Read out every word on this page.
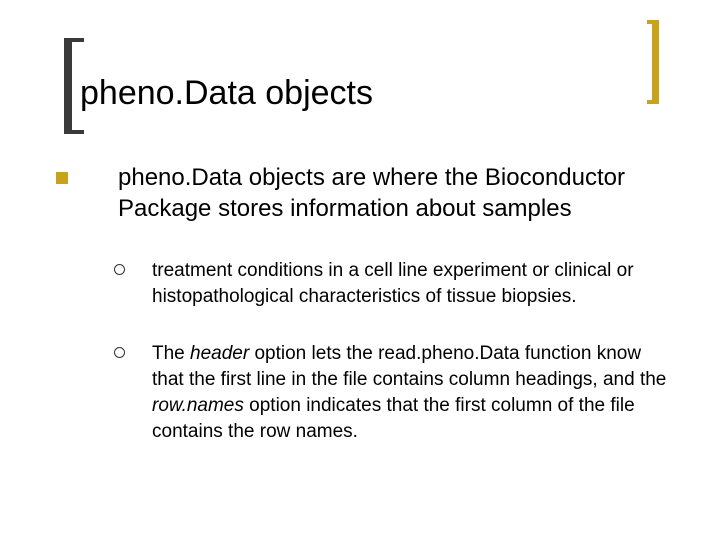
pheno.Data objects
pheno.Data objects are where the Bioconductor Package stores information about samples
treatment conditions in a cell line experiment or clinical or histopathological characteristics of tissue biopsies.
The header option lets the read.pheno.Data function know that the first line in the file contains column headings, and the row.names option indicates that the first column of the file contains the row names.
